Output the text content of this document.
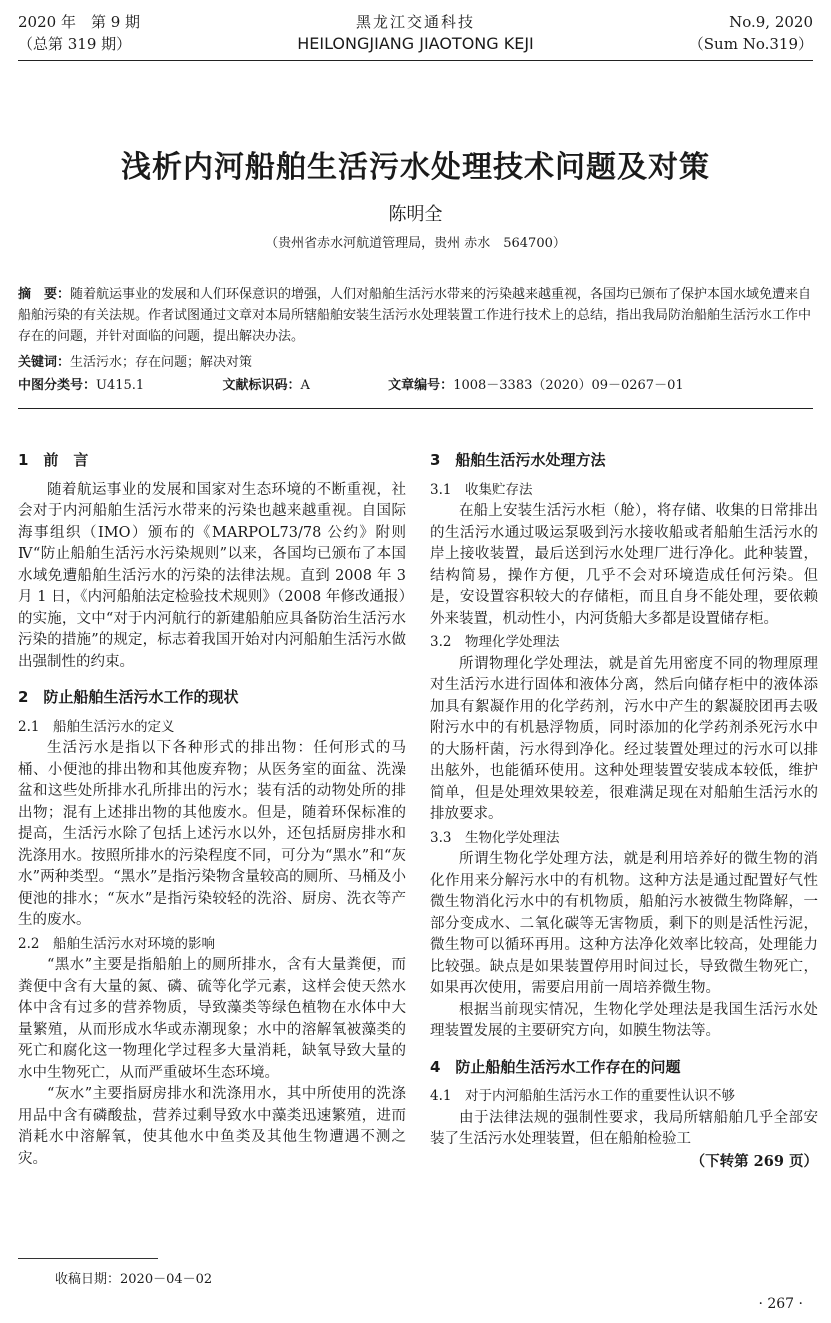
2020 年　第 9 期
（总第 319 期）
黑龙江交通科技
HEILONGJIANG JIAOTONG KEJI
No.9, 2020
（Sum No.319）
浅析内河船舶生活污水处理技术问题及对策
陈明全
（贵州省赤水河航道管理局，贵州 赤水　564700）
摘　要：随着航运事业的发展和人们环保意识的增强，人们对船舶生活污水带来的污染越来越重视，各国均已颁布了保护本国水域免遭来自船舶污染的有关法规。作者试图通过文章对本局所辖船舶安装生活污水处理装置工作进行技术上的总结，指出我局防治船舶生活污水工作中存在的问题，并针对面临的问题，提出解决办法。
关键词：生活污水；存在问题；解决对策
中图分类号：U415.1	文献标识码：A	文章编号：1008－3383（2020）09－0267－01
1　前　言

随着航运事业的发展和国家对生态环境的不断重视，社会对于内河船舶生活污水带来的污染也越来越重视。自国际海事组织（IMO）颁布的《MARPOL73/78 公约》附则Ⅳ“防止船舶生活污水污染规则”以来，各国均已颁布了本国水域免遭船舶生活污水的污染的法律法规。直到 2008 年 3 月 1 日，《内河船舶法定检验技术规则》（2008 年修改通报）的实施，文中“对于内河航行的新建船舶应具备防治生活污水污染的措施”的规定，标志着我国开始对内河船舶生活污水做出强制性的约束。

2　防止船舶生活污水工作的现状
2.1　船舶生活污水的定义

生活污水是指以下各种形式的排出物：任何形式的马桶、小便池的排出物和其他废弃物；从医务室的面盆、洗澡盆和这些处所排水孔所排出的污水；装有活的动物处所的排出物；混有上述排出物的其他废水。但是，随着环保标准的提高，生活污水除了包括上述污水以外，还包括厨房排水和洗涤用水。按照所排水的污染程度不同，可分为“黑水”和“灰水”两种类型。“黑水”是指污染物含量较高的厕所、马桶及小便池的排水；“灰水”是指污染较轻的洗浴、厨房、洗衣等产生的废水。

2.2　船舶生活污水对环境的影响

“黑水”主要是指船舶上的厕所排水，含有大量粪便，而粪便中含有大量的氮、磷、硫等化学元素，这样会使天然水体中含有过多的营养物质，导致藻类等绿色植物在水体中大量繁殖，从而形成水华或赤潮现象；水中的溶解氧被藻类的死亡和腐化这一物理化学过程多大量消耗，缺氧导致大量的水中生物死亡，从而严重破坏生态环境。

“灰水”主要指厨房排水和洗涤用水，其中所使用的洗涤用品中含有磷酸盐，营养过剩导致水中藻类迅速繁殖，进而消耗水中溶解氧，使其他水中鱼类及其他生物遭遇不测之灾。

3　船舶生活污水处理方法
3.1　收集贮存法

在船上安装生活污水柜（舱），将存储、收集的日常排出的生活污水通过吸运泵吸到污水接收船或者船舶生活污水的岸上接收装置，最后送到污水处理厂进行净化。此种装置，结构简易，操作方便，几乎不会对环境造成任何污染。但是，安设置容积较大的存储柜，而且自身不能处理，要依赖外来装置，机动性小，内河货船大多都是设置储存柜。

3.2　物理化学处理法

所谓物理化学处理法，就是首先用密度不同的物理原理对生活污水进行固体和液体分离，然后向储存柜中的液体添加具有絮凝作用的化学药剂，污水中产生的絮凝胶团再去吸附污水中的有机悬浮物质，同时添加的化学药剂杀死污水中的大肠杆菌，污水得到净化。经过装置处理过的污水可以排出舷外，也能循环使用。这种处理装置安装成本较低，维护简单，但是处理效果较差，很难满足现在对船舶生活污水的排放要求。

3.3　生物化学处理法

所谓生物化学处理方法，就是利用培养好的微生物的消化作用来分解污水中的有机物。这种方法是通过配置好气性微生物消化污水中的有机物质，船舶污水被微生物降解，一部分变成水、二氧化碳等无害物质，剩下的则是活性污泥，微生物可以循环再用。这种方法净化效率比较高，处理能力比较强。缺点是如果装置停用时间过长，导致微生物死亡，如果再次使用，需要启用前一周培养微生物。

根据当前现实情况，生物化学处理法是我国生活污水处理装置发展的主要研究方向，如膜生物法等。

4　防止船舶生活污水工作存在的问题
4.1　对于内河船舶生活污水工作的重要性认识不够

由于法律法规的强制性要求，我局所辖船舶几乎全部安装了生活污水处理装置，但在船舶检验工

（下转第 269 页）
收稿日期：2020－04－02
· 267 ·
